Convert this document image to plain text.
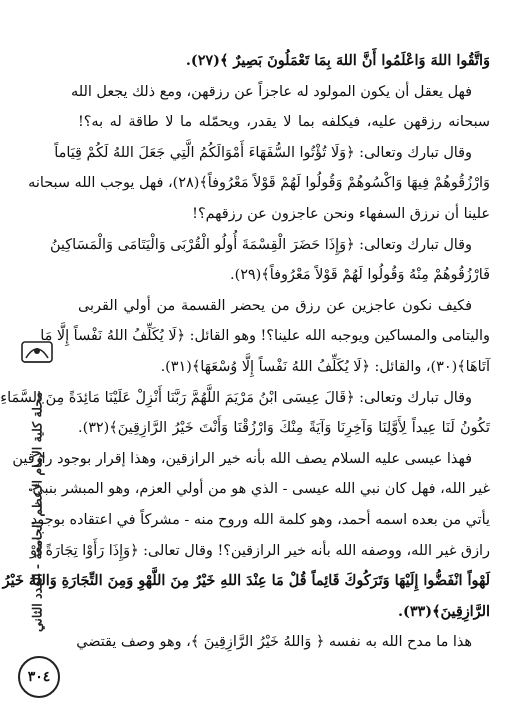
وَاتَّقُوا اللهَ وَاعْلَمُوا أَنَّ اللهَ بِمَا تَعْمَلُونَ بَصِيرٌ ﴾(٢٧).
فهل يعقل أن يكون المولود له عاجزاً عن رزقهن، ومع ذلك يجعل الله
سبحانه رزقهن عليه، فيكلفه بما لا يقدر، ويحمّله ما لا طاقة له به؟!
وقال تبارك وتعالى: ﴿وَلَا تُؤْتُوا السُّفَهَاءَ أَمْوَالَكُمُ الَّتِي جَعَلَ اللهُ لَكُمْ قِيَاماً
وَارْزُقُوهُمْ فِيهَا وَاكْسُوهُمْ وَقُولُوا لَهُمْ قَوْلاً مَعْرُوفاً﴾(٢٨)، فهل يوجب الله سبحانه
علينا أن نرزق السفهاء ونحن عاجزون عن رزقهم؟!
وقال تبارك وتعالى: ﴿وَإِذَا حَضَرَ الْقِسْمَةَ أُولُو الْقُرْبَى وَالْيَتَامَى وَالْمَسَاكِينُ
فَارْزُقُوهُمْ مِنْهُ وَقُولُوا لَهُمْ قَوْلاً مَعْرُوفاً﴾(٢٩).
فكيف نكون عاجزين عن رزق من يحضر القسمة من أولي القربى
واليتامى والمساكين ويوجبه الله علينا؟! وهو القائل: ﴿لَا يُكَلِّفُ اللهُ نَفْساً إِلَّا مَا
آتَاهَا﴾(٣٠)، والقائل: ﴿لَا يُكَلِّفُ اللهُ نَفْساً إِلَّا وُسْعَهَا﴾(٣١).
وقال تبارك وتعالى: ﴿قَالَ عِيسَى ابْنُ مَرْيَمَ اللَّهُمَّ رَبَّنَا أَنْزِلْ عَلَيْنَا مَائِدَةً مِنَ السَّمَاءِ
تَكُونُ لَنَا عِيداً لِأَوَّلِنَا وَآخِرِنَا وَآيَةً مِنْكَ وَارْزُقْنَا وَأَنْتَ خَيْرُ الرَّازِقِينَ﴾(٣٢).
فهذا عيسى عليه السلام يصف الله بأنه خير الرازقين، وهذا إقرار بوجود رازقين
غير الله، فهل كان نبي الله عيسى - الذي هو من أولي العزم، وهو المبشر بنبيّ
يأتي من بعده اسمه أحمد، وهو كلمة الله وروح منه - مشركاً في اعتقاده بوجود
رازق غير الله، ووصفه الله بأنه خير الرازقين؟! وقال تعالى: ﴿وَإِذَا رَأَوْا تِجَارَةً أَوْ
لَهْواً انْفَضُّوا إِلَيْهَا وَتَرَكُوكَ قَائِماً قُلْ مَا عِنْدَ اللهِ خَيْرٌ مِنَ اللَّهْوِ وَمِنَ التِّجَارَةِ وَاللهُ خَيْرُ
الرَّازِقِينَ﴾(٣٣).
هذا ما مدح الله به نفسه ﴿ وَاللهُ خَيْرُ الرَّازِقِينَ ﴾، وهو وصف يقتضي
مجلة كلية الإمام الأعظم الجامعة - العدد الثاني
٣٠٤
